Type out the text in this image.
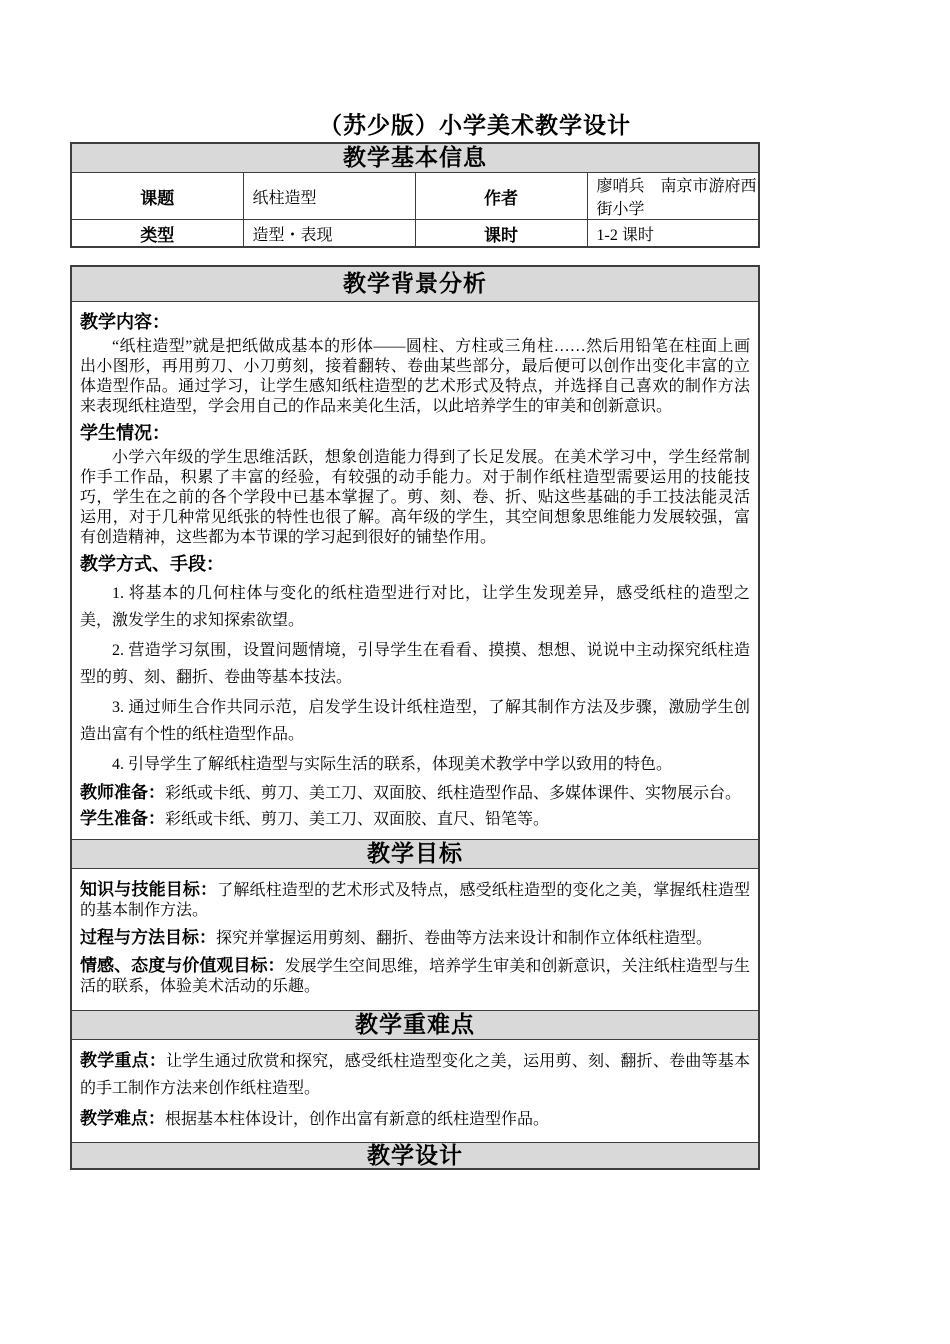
（苏少版）小学美术教学设计
教学基本信息			
课题	纸柱造型	作者	廖哨兵　南京市游府西街小学
类型	造型・表现	课时	1-2 课时
教学背景分析

教学内容：
“纸柱造型”就是把纸做成基本的形体——圆柱、方柱或三角柱……然后用铅笔在柱面上画出小图形，再用剪刀、小刀剪刻，接着翻转、卷曲某些部分，最后便可以创作出变化丰富的立体造型作品。通过学习，让学生感知纸柱造型的艺术形式及特点，并选择自己喜欢的制作方法来表现纸柱造型，学会用自己的作品来美化生活，以此培养学生的审美和创新意识。
学生情况：
小学六年级的学生思维活跃，想象创造能力得到了长足发展。在美术学习中，学生经常制作手工作品，积累了丰富的经验，有较强的动手能力。对于制作纸柱造型需要运用的技能技巧，学生在之前的各个学段中已基本掌握了。剪、刻、卷、折、贴这些基础的手工技法能灵活运用，对于几种常见纸张的特性也很了解。高年级的学生，其空间想象思维能力发展较强，富有创造精神，这些都为本节课的学习起到很好的铺垫作用。
教学方式、手段：
1. 将基本的几何柱体与变化的纸柱造型进行对比，让学生发现差异，感受纸柱的造型之美，激发学生的求知探索欲望。
2. 营造学习氛围，设置问题情境，引导学生在看看、摸摸、想想、说说中主动探究纸柱造型的剪、刻、翻折、卷曲等基本技法。
3. 通过师生合作共同示范，启发学生设计纸柱造型，了解其制作方法及步骤，激励学生创造出富有个性的纸柱造型作品。
4. 引导学生了解纸柱造型与实际生活的联系，体现美术教学中学以致用的特色。
教师准备：彩纸或卡纸、剪刀、美工刀、双面胶、纸柱造型作品、多媒体课件、实物展示台。
学生准备：彩纸或卡纸、剪刀、美工刀、双面胶、直尺、铅笔等。

教学目标

知识与技能目标：了解纸柱造型的艺术形式及特点，感受纸柱造型的变化之美，掌握纸柱造型的基本制作方法。
过程与方法目标：探究并掌握运用剪刻、翻折、卷曲等方法来设计和制作立体纸柱造型。
情感、态度与价值观目标：发展学生空间思维，培养学生审美和创新意识，关注纸柱造型与生活的联系，体验美术活动的乐趣。

教学重难点

教学重点：让学生通过欣赏和探究，感受纸柱造型变化之美，运用剪、刻、翻折、卷曲等基本的手工制作方法来创作纸柱造型。
教学难点：根据基本柱体设计，创作出富有新意的纸柱造型作品。

教学设计
